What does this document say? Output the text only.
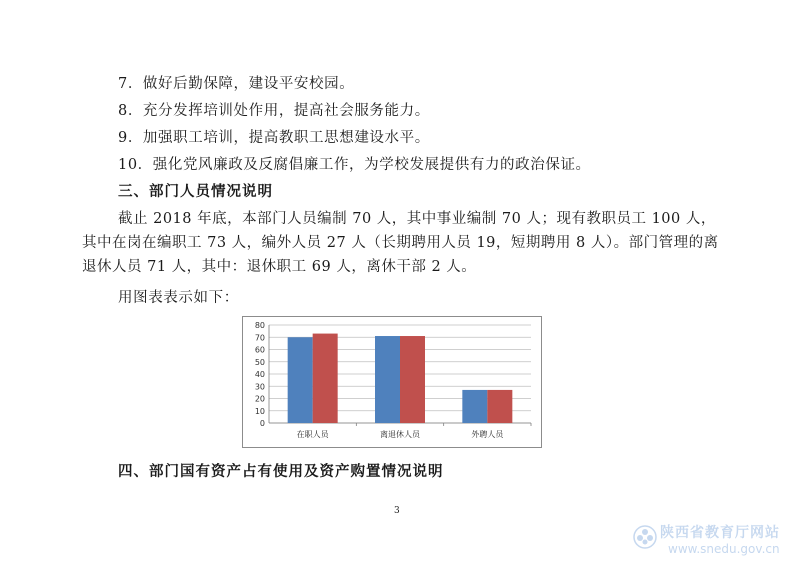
7．做好后勤保障，建设平安校园。
8．充分发挥培训处作用，提高社会服务能力。
9．加强职工培训，提高教职工思想建设水平。
10．强化党风廉政及反腐倡廉工作，为学校发展提供有力的政治保证。
三、部门人员情况说明
截止 2018 年底，本部门人员编制 70 人，其中事业编制 70 人；现有教职员工 100 人，
其中在岗在编职工 73 人，编外人员 27 人（长期聘用人员 19，短期聘用 8 人）。部门管理的离
退休人员 71 人，其中：退休职工 69 人，离休干部 2 人。
用图表表示如下：
0
10
20
30
40
50
60
70
80
在职人员	离退休人员	外聘人员
四、部门国有资产占有使用及资产购置情况说明
3
陕西省教育厅网站
www.snedu.gov.cn
